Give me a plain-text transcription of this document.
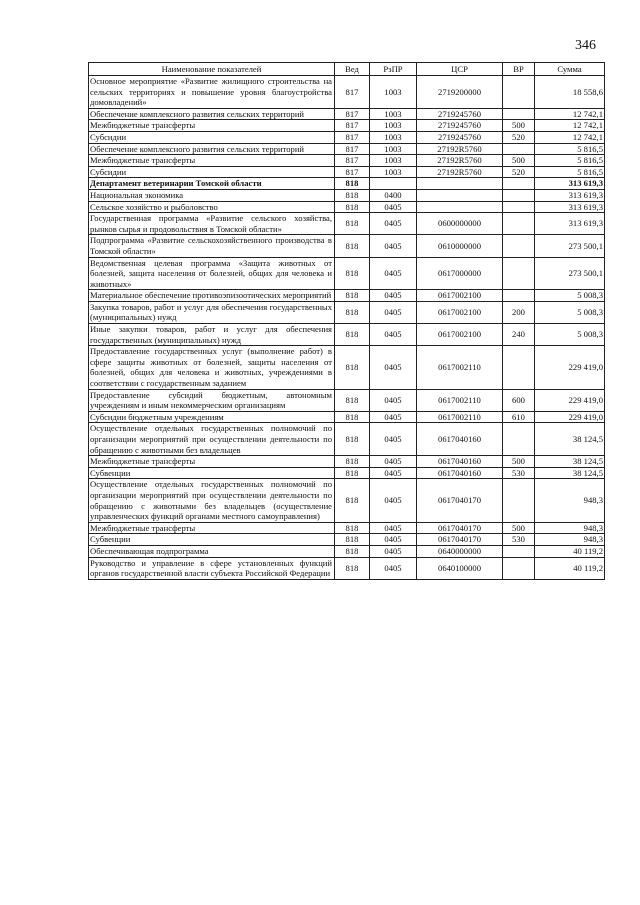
346
Наименование показателей	Вед	РзПР	ЦСР	ВР	Сумма
Основное мероприятие «Развитие жилищного строительства на сельских территориях и повышение уровня благоустройства домовладений»	817	1003	2719200000		18 558,6
Обеспечение комплексного развития сельских территорий	817	1003	2719245760		12 742,1
Межбюджетные трансферты	817	1003	2719245760	500	12 742,1
Субсидии	817	1003	2719245760	520	12 742,1
Обеспечение комплексного развития сельских территорий	817	1003	27192R5760		5 816,5
Межбюджетные трансферты	817	1003	27192R5760	500	5 816,5
Субсидии	817	1003	27192R5760	520	5 816,5
Департамент ветеринарии Томской области	818				313 619,3
Национальная экономика	818	0400			313 619,3
Сельское хозяйство и рыболовство	818	0405			313 619,3
Государственная программа «Развитие сельского хозяйства, рынков сырья и продовольствия в Томской области»	818	0405	0600000000		313 619,3
Подпрограмма «Развитие сельскохозяйственного производства в Томской области»	818	0405	0610000000		273 500,1
Ведомственная целевая программа «Защита животных от болезней, защита населения от болезней, общих для человека и животных»	818	0405	0617000000		273 500,1
Материальное обеспечение противоэпизоотических мероприятий	818	0405	0617002100		5 008,3
Закупка товаров, работ и услуг для обеспечения государственных (муниципальных) нужд	818	0405	0617002100	200	5 008,3
Иные закупки товаров, работ и услуг для обеспечения государственных (муниципальных) нужд	818	0405	0617002100	240	5 008,3
Предоставление государственных услуг (выполнение работ) в сфере защиты животных от болезней, защиты населения от болезней, общих для человека и животных, учреждениями в соответствии с государственным заданием	818	0405	0617002110		229 419,0
Предоставление субсидий бюджетным, автономным учреждениям и иным некоммерческим организациям	818	0405	0617002110	600	229 419,0
Субсидии бюджетным учреждениям	818	0405	0617002110	610	229 419,0
Осуществление отдельных государственных полномочий по организации мероприятий при осуществлении деятельности по обращению с животными без владельцев	818	0405	0617040160		38 124,5
Межбюджетные трансферты	818	0405	0617040160	500	38 124,5
Субвенции	818	0405	0617040160	530	38 124,5
Осуществление отдельных государственных полномочий по организации мероприятий при осуществлении деятельности по обращению с животными без владельцев (осуществление управленческих функций органами местного самоуправления)	818	0405	0617040170		948,3
Межбюджетные трансферты	818	0405	0617040170	500	948,3
Субвенции	818	0405	0617040170	530	948,3
Обеспечивающая подпрограмма	818	0405	0640000000		40 119,2
Руководство и управление в сфере установленных функций органов государственной власти субъекта Российской Федерации	818	0405	0640100000		40 119,2
